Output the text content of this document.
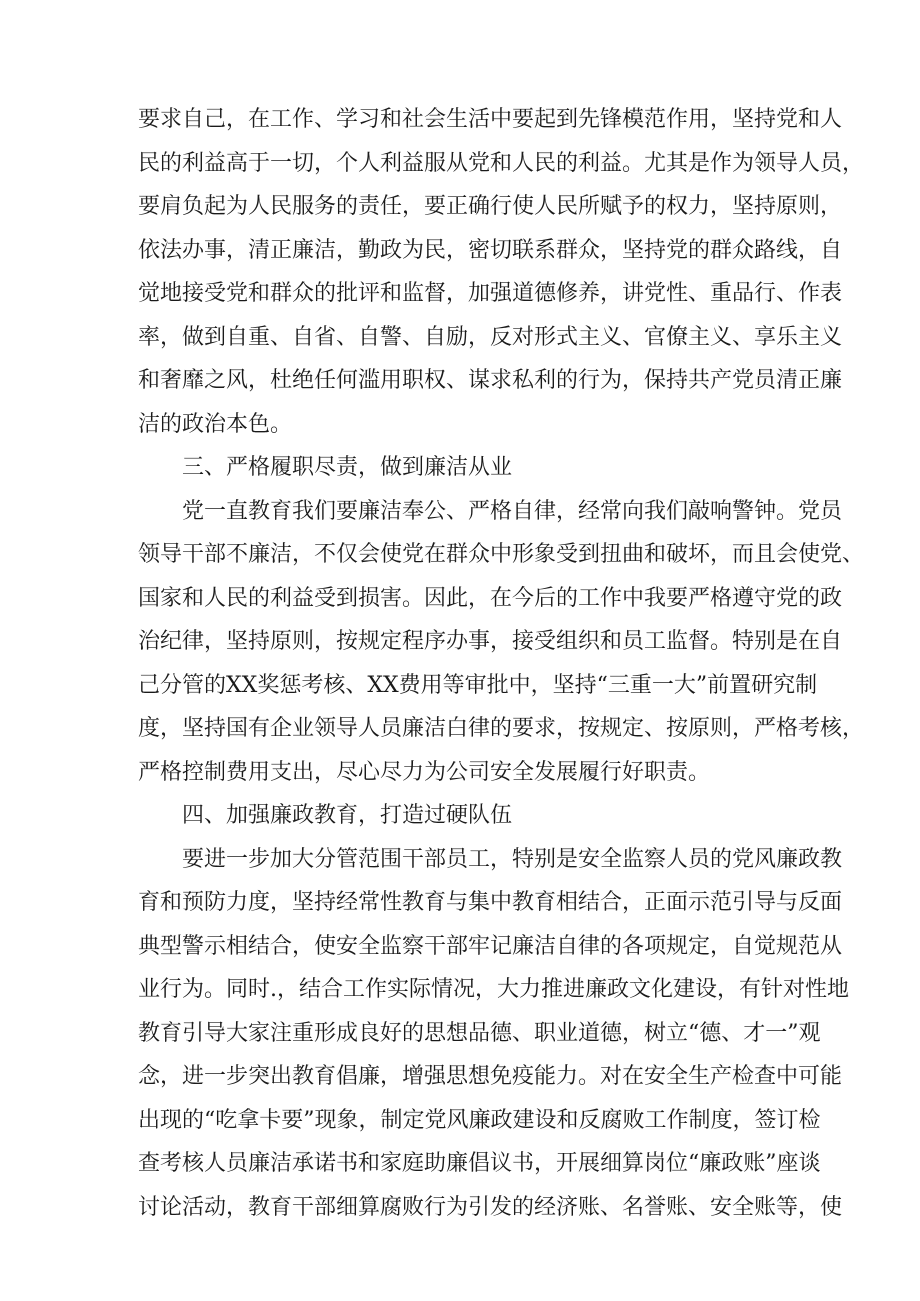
要求自己，在工作、学习和社会生活中要起到先锋模范作用，坚持党和人
民的利益高于一切，个人利益服从党和人民的利益。尤其是作为领导人员，
要肩负起为人民服务的责任，要正确行使人民所赋予的权力，坚持原则，
依法办事，清正廉洁，勤政为民，密切联系群众，坚持党的群众路线，自
觉地接受党和群众的批评和监督，加强道德修养，讲党性、重品行、作表
率，做到自重、自省、自警、自励，反对形式主义、官僚主义、享乐主义
和奢靡之风，杜绝任何滥用职权、谋求私利的行为，保持共产党员清正廉
洁的政治本色。
三、严格履职尽责，做到廉洁从业
党一直教育我们要廉洁奉公、严格自律，经常向我们敲响警钟。党员
领导干部不廉洁，不仅会使党在群众中形象受到扭曲和破坏，而且会使党、
国家和人民的利益受到损害。因此，在今后的工作中我要严格遵守党的政
治纪律，坚持原则，按规定程序办事，接受组织和员工监督。特别是在自
己分管的XX奖惩考核、XX费用等审批中，坚持“三重一大”前置研究制
度，坚持国有企业领导人员廉洁白律的要求，按规定、按原则，严格考核，
严格控制费用支出，尽心尽力为公司安全发展履行好职责。
四、加强廉政教育，打造过硬队伍
要进一步加大分管范围干部员工，特别是安全监察人员的党风廉政教
育和预防力度，坚持经常性教育与集中教育相结合，正面示范引导与反面
典型警示相结合，使安全监察干部牢记廉洁自律的各项规定，自觉规范从
业行为。同时.，结合工作实际情况，大力推进廉政文化建设，有针对性地
教育引导大家注重形成良好的思想品德、职业道德，树立“德、才一”观
念，进一步突出教育倡廉，增强思想免疫能力。对在安全生产检查中可能
出现的“吃拿卡要”现象，制定党风廉政建设和反腐败工作制度，签订检
查考核人员廉洁承诺书和家庭助廉倡议书，开展细算岗位“廉政账”座谈
讨论活动，教育干部细算腐败行为引发的经济账、名誉账、安全账等，使
